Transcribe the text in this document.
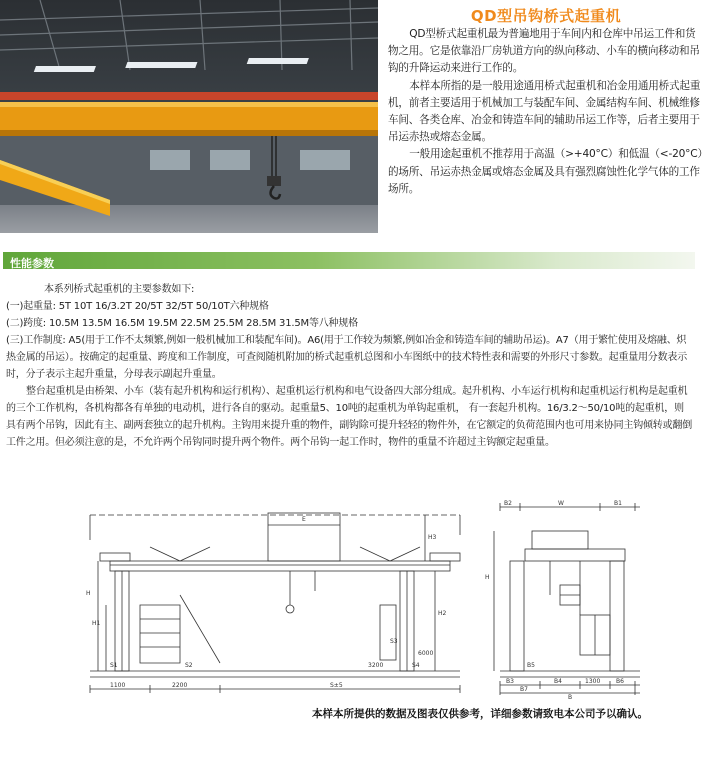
QD型吊钩桥式起重机

QD型桥式起重机最为普遍地用于车间内和仓库中吊运工件和货物之用。它是依靠沿厂房轨道方向的纵向移动、小车的横向移动和吊钩的升降运动来进行工作的。

本样本所指的是一般用途通用桥式起重机和冶金用通用桥式起重机，前者主要适用于机械加工与装配车间、金属结构车间、机械维修车间、各类仓库、冶金和铸造车间的辅助吊运工作等，后者主要用于吊运赤热或熔态金属。

一般用途起重机不推荐用于高温（>+40°C）和低温（<-20°C）的场所、吊运赤热金属或熔态金属及具有强烈腐蚀性化学气体的工作场所。

性能参数

本系列桥式起重机的主要参数如下:

(一)起重量: 5T 10T 16/3.2T 20/5T 32/5T 50/10T六种规格

(二)跨度: 10.5M 13.5M 16.5M 19.5M 22.5M 25.5M 28.5M 31.5M等八种规格

(三)工作制度: A5(用于工作不太频繁,例如一般机械加工和装配车间)。A6(用于工作较为频繁,例如冶金和铸造车间的辅助吊运)。A7（用于繁忙使用及熔融、炽热金属的吊运）。按确定的起重量、跨度和工作制度，可查阅随机附加的桥式起重机总图和小车图纸中的技术特性表和需要的外形尺寸参数。起重量用分数表示时，分子表示主起升重量，分母表示副起升重量。

整台起重机是由桥架、小车（装有起升机构和运行机构）、起重机运行机构和电气设备四大部分组成。起升机构、小车运行机构和起重机运行机构是起重机的三个工作机构，各机构都各有单独的电动机，进行各自的驱动。起重量5、10吨的起重机为单钩起重机， 有一套起升机构。16/3.2～50/10吨的起重机，则具有两个吊钩，因此有主、副两套独立的起升机构。主钩用来提升重的物件，副钩除可提升轻轻的物件外，在它额定的负荷范围内也可用来协同主钩倾转或翻倒工件之用。但必须注意的是，不允许两个吊钩同时提升两个物件。两个吊钩一起工作时，物件的重量不许超过主钩额定起重量。

E
H
H1
H3
H2
S1	S2
1100	2200	S±5
3200
6000
S3
S4
B2	W	B1
H
B5
B3	B4	1300	B6
B7
B
本样本所提供的数据及图表仅供参考，详细参数请致电本公司予以确认。
